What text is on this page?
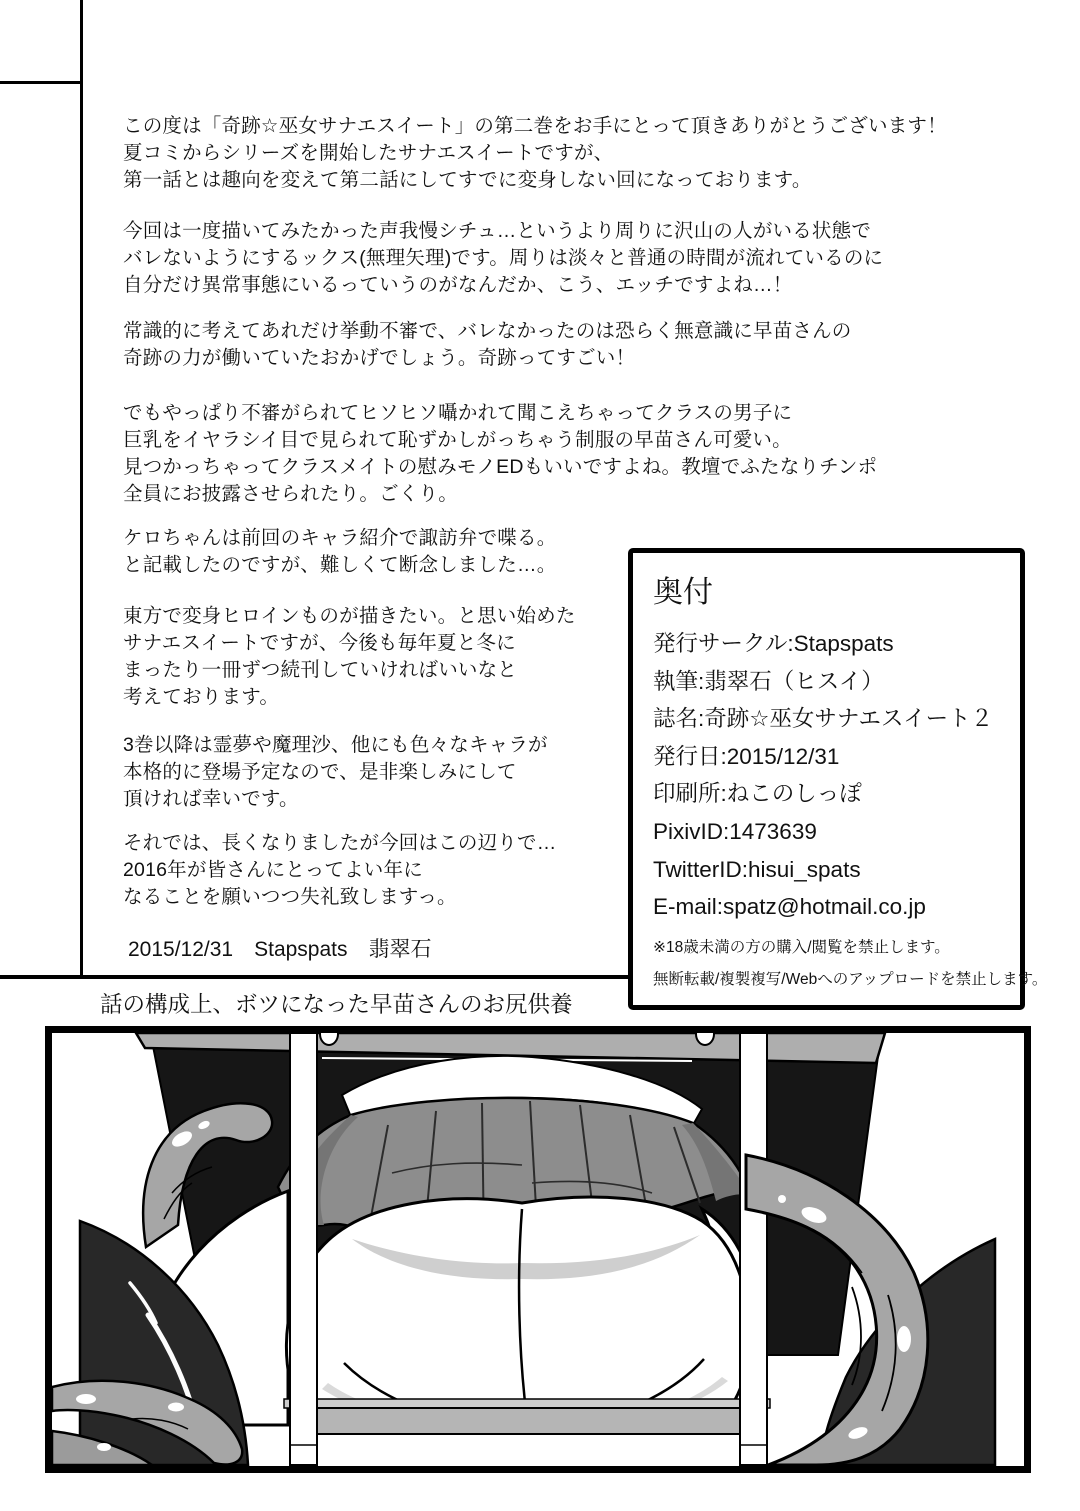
この度は「奇跡☆巫女サナエスイート」の第二巻をお手にとって頂きありがとうございます！
夏コミからシリーズを開始したサナエスイートですが、
第一話とは趣向を変えて第二話にしてすでに変身しない回になっております。
今回は一度描いてみたかった声我慢シチュ…というより周りに沢山の人がいる状態で
バレないようにするックス(無理矢理)です。周りは淡々と普通の時間が流れているのに
自分だけ異常事態にいるっていうのがなんだか、こう、エッチですよね…！
常識的に考えてあれだけ挙動不審で、バレなかったのは恐らく無意識に早苗さんの
奇跡の力が働いていたおかげでしょう。奇跡ってすごい！
でもやっぱり不審がられてヒソヒソ囁かれて聞こえちゃってクラスの男子に
巨乳をイヤラシイ目で見られて恥ずかしがっちゃう制服の早苗さん可愛い。
見つかっちゃってクラスメイトの慰みモノEDもいいですよね。教壇でふたなりチンポ
全員にお披露させられたり。ごくり。
ケロちゃんは前回のキャラ紹介で諏訪弁で喋る。
と記載したのですが、難しくて断念しました…。
東方で変身ヒロインものが描きたい。と思い始めた
サナエスイートですが、今後も毎年夏と冬に
まったり一冊ずつ続刊していければいいなと
考えております。
3巻以降は霊夢や魔理沙、他にも色々なキャラが
本格的に登場予定なので、是非楽しみにして
頂ければ幸いです。
それでは、長くなりましたが今回はこの辺りで…
2016年が皆さんにとってよい年に
なることを願いつつ失礼致しますっ。
2015/12/31　Stapspats　翡翠石
奥付
発行サークル:Stapspats
執筆:翡翠石（ヒスイ）
誌名:奇跡☆巫女サナエスイート２
発行日:2015/12/31
印刷所:ねこのしっぽ
PixivID:1473639
TwitterID:hisui_spats
E-mail:spatz@hotmail.co.jp
※18歳未満の方の購入/閲覧を禁止します。
無断転載/複製複写/Webへのアップロードを禁止します。
話の構成上、ボツになった早苗さんのお尻供養
